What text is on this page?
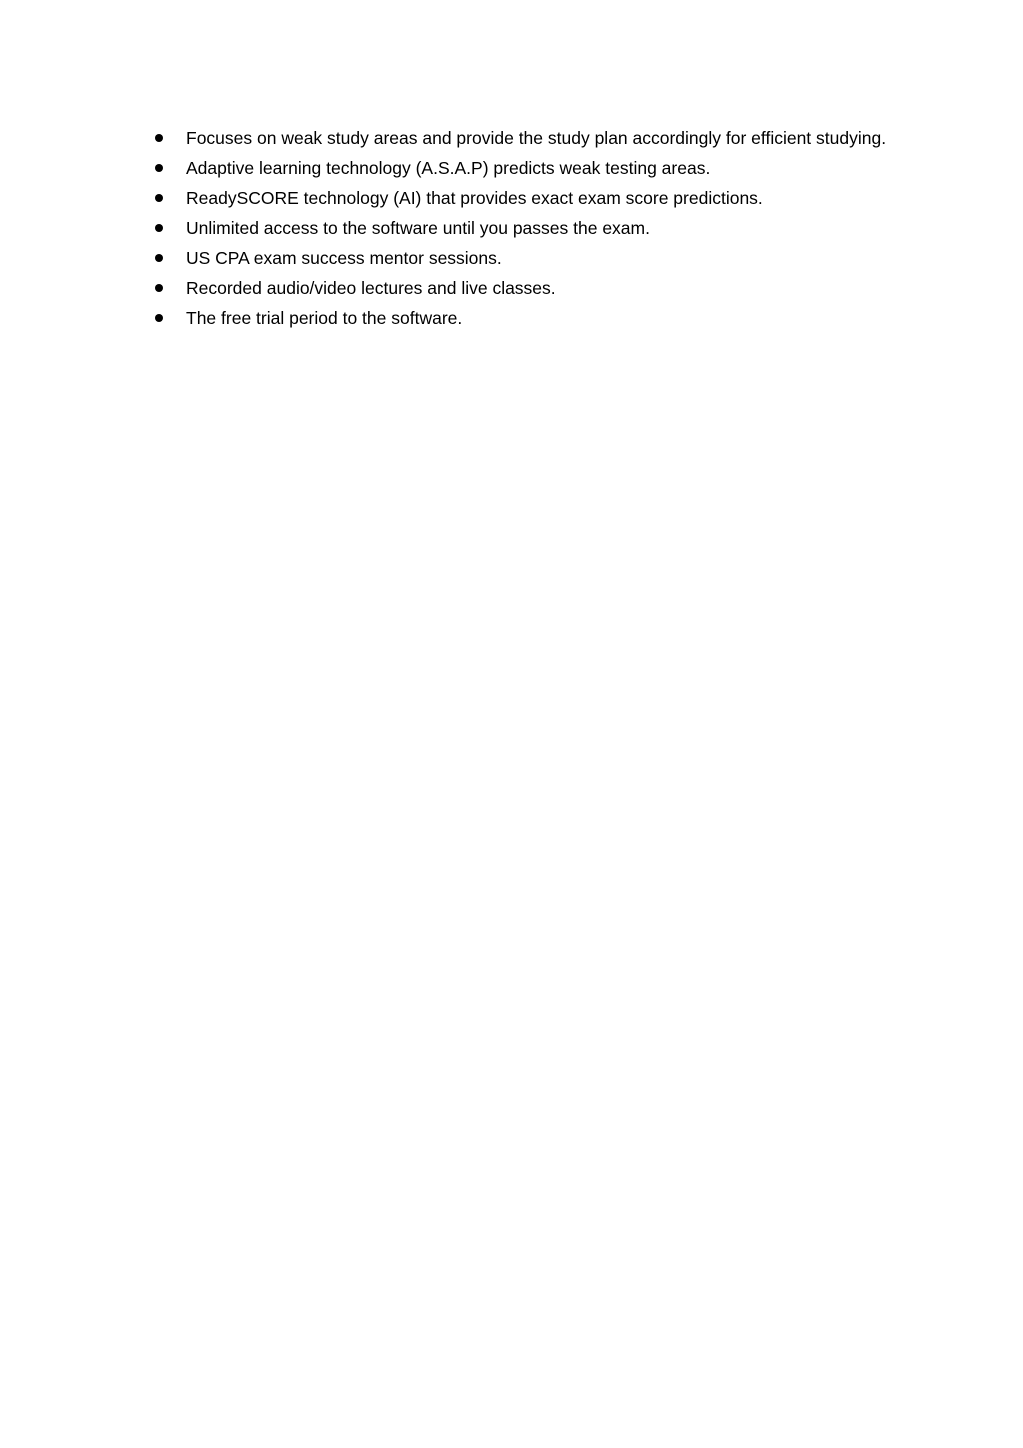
Focuses on weak study areas and provide the study plan accordingly for efficient studying.
Adaptive learning technology (A.S.A.P) predicts weak testing areas.
ReadySCORE technology (AI) that provides exact exam score predictions.
Unlimited access to the software until you passes the exam.
US CPA exam success mentor sessions.
Recorded audio/video lectures and live classes.
The free trial period to the software.
